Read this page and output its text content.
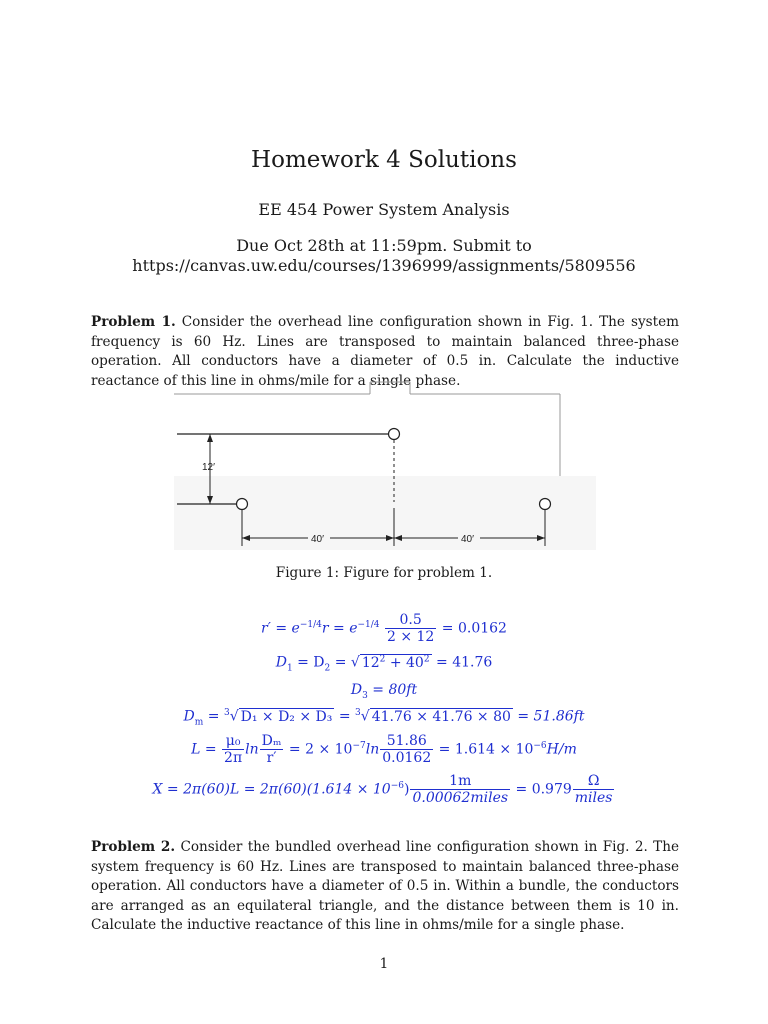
Homework 4 Solutions
EE 454 Power System Analysis
Due Oct 28th at 11:59pm. Submit to
https://canvas.uw.edu/courses/1396999/assignments/5809556
Problem 1. Consider the overhead line configuration shown in Fig. 1. The system frequency is 60 Hz. Lines are transposed to maintain balanced three-phase operation. All conductors have a diameter of 0.5 in. Calculate the inductive reactance of this line in ohms/mile for a single phase.
12′
40′	40′
Figure 1: Figure for problem 1.
$r' = e^{-1/4}r = e^{-1/4} \frac{0.5}{2 \times 12} = 0.0162$
$D_1 = D_2$ = √ $12^2 + 40^2 = 41.76$
$D_3 = 80ft$
$D_m = ^3√$ D₁ × D₂ × D₃ = $^3$√ 41.76 × 41.76 × 80 = 51.86ft
$L = \frac{\text{μ₀}}{2\pi}$ $\ln \frac{\text{Dₘ}}{r'} = 2 \times 10^{-7}\ln \frac{51.86}{0.0162} = 1.614 \times 10^{-6}H/m$
$X = 2\pi(60)L = 2\pi(60)(1.614 \times 10^{-6}) \frac{1m}{\text{0.00062miles}} = 0.979 \frac{\Omega}{\text{miles}}$
Problem 2. Consider the bundled overhead line configuration shown in Fig. 2. The system frequency is 60 Hz. Lines are transposed to maintain balanced three-phase operation. All conductors have a diameter of 0.5 in. Within a bundle, the conductors are arranged as an equilateral triangle, and the distance between them is 10 in. Calculate the inductive reactance of this line in ohms/mile for a single phase.
1
